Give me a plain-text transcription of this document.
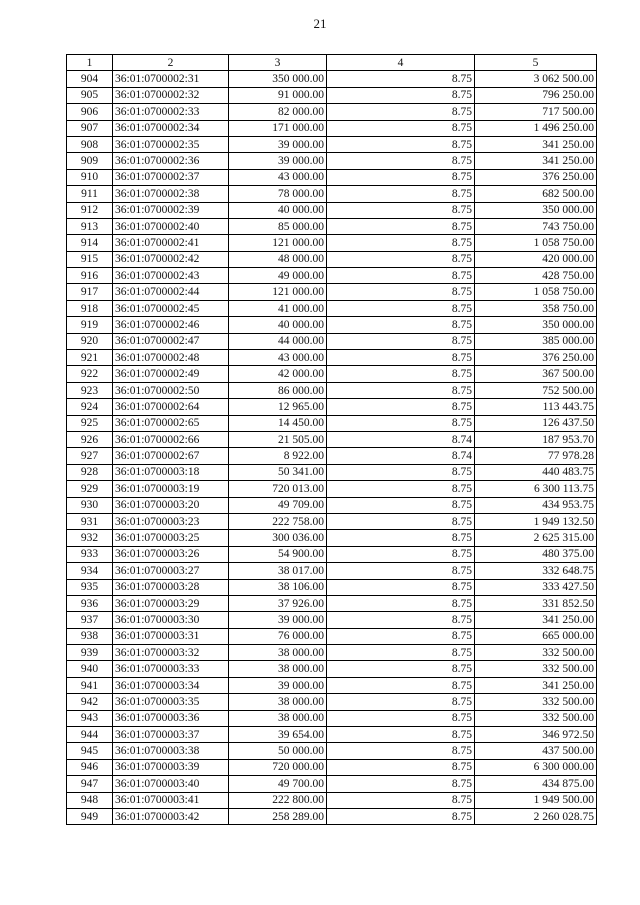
21
1	2	3	4	5
904	36:01:0700002:31	350 000.00	8.75	3 062 500.00
905	36:01:0700002:32	91 000.00	8.75	796 250.00
906	36:01:0700002:33	82 000.00	8.75	717 500.00
907	36:01:0700002:34	171 000.00	8.75	1 496 250.00
908	36:01:0700002:35	39 000.00	8.75	341 250.00
909	36:01:0700002:36	39 000.00	8.75	341 250.00
910	36:01:0700002:37	43 000.00	8.75	376 250.00
911	36:01:0700002:38	78 000.00	8.75	682 500.00
912	36:01:0700002:39	40 000.00	8.75	350 000.00
913	36:01:0700002:40	85 000.00	8.75	743 750.00
914	36:01:0700002:41	121 000.00	8.75	1 058 750.00
915	36:01:0700002:42	48 000.00	8.75	420 000.00
916	36:01:0700002:43	49 000.00	8.75	428 750.00
917	36:01:0700002:44	121 000.00	8.75	1 058 750.00
918	36:01:0700002:45	41 000.00	8.75	358 750.00
919	36:01:0700002:46	40 000.00	8.75	350 000.00
920	36:01:0700002:47	44 000.00	8.75	385 000.00
921	36:01:0700002:48	43 000.00	8.75	376 250.00
922	36:01:0700002:49	42 000.00	8.75	367 500.00
923	36:01:0700002:50	86 000.00	8.75	752 500.00
924	36:01:0700002:64	12 965.00	8.75	113 443.75
925	36:01:0700002:65	14 450.00	8.75	126 437.50
926	36:01:0700002:66	21 505.00	8.74	187 953.70
927	36:01:0700002:67	8 922.00	8.74	77 978.28
928	36:01:0700003:18	50 341.00	8.75	440 483.75
929	36:01:0700003:19	720 013.00	8.75	6 300 113.75
930	36:01:0700003:20	49 709.00	8.75	434 953.75
931	36:01:0700003:23	222 758.00	8.75	1 949 132.50
932	36:01:0700003:25	300 036.00	8.75	2 625 315.00
933	36:01:0700003:26	54 900.00	8.75	480 375.00
934	36:01:0700003:27	38 017.00	8.75	332 648.75
935	36:01:0700003:28	38 106.00	8.75	333 427.50
936	36:01:0700003:29	37 926.00	8.75	331 852.50
937	36:01:0700003:30	39 000.00	8.75	341 250.00
938	36:01:0700003:31	76 000.00	8.75	665 000.00
939	36:01:0700003:32	38 000.00	8.75	332 500.00
940	36:01:0700003:33	38 000.00	8.75	332 500.00
941	36:01:0700003:34	39 000.00	8.75	341 250.00
942	36:01:0700003:35	38 000.00	8.75	332 500.00
943	36:01:0700003:36	38 000.00	8.75	332 500.00
944	36:01:0700003:37	39 654.00	8.75	346 972.50
945	36:01:0700003:38	50 000.00	8.75	437 500.00
946	36:01:0700003:39	720 000.00	8.75	6 300 000.00
947	36:01:0700003:40	49 700.00	8.75	434 875.00
948	36:01:0700003:41	222 800.00	8.75	1 949 500.00
949	36:01:0700003:42	258 289.00	8.75	2 260 028.75
